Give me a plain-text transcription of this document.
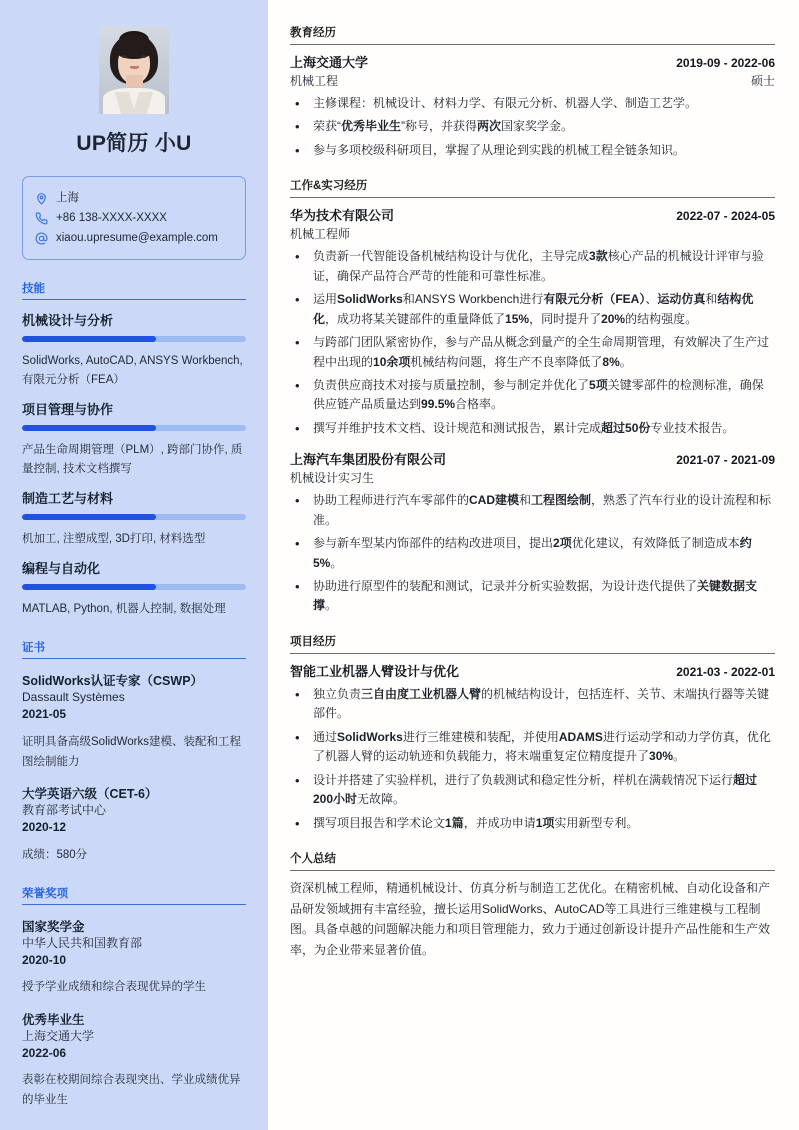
UP简历 小U
上海
+86 138-XXXX-XXXX
xiaou.upresume@example.com
技能
机械设计与分析
SolidWorks, AutoCAD, ANSYS Workbench, 有限元分析（FEA）
项目管理与协作
产品生命周期管理（PLM）, 跨部门协作, 质量控制, 技术文档撰写
制造工艺与材料
机加工, 注塑成型, 3D打印, 材料选型
编程与自动化
MATLAB, Python, 机器人控制, 数据处理
证书
SolidWorks认证专家（CSWP）
Dassault Systèmes
2021-05
证明具备高级SolidWorks建模、装配和工程图绘制能力
大学英语六级（CET-6）
教育部考试中心
2020-12
成绩：580分
荣誉奖项
国家奖学金
中华人民共和国教育部
2020-10
授予学业成绩和综合表现优异的学生
优秀毕业生
上海交通大学
2022-06
表彰在校期间综合表现突出、学业成绩优异的毕业生
教育经历
上海交通大学	2019-09 - 2022-06
机械工程	硕士
• 主修课程：机械设计、材料力学、有限元分析、机器人学、制造工艺学。
• 荣获“优秀毕业生”称号，并获得两次国家奖学金。
• 参与多项校级科研项目，掌握了从理论到实践的机械工程全链条知识。
工作&实习经历
华为技术有限公司	2022-07 - 2024-05
机械工程师
• 负责新一代智能设备机械结构设计与优化，主导完成3款核心产品的机械设计评审与验证，确保产品符合严苛的性能和可靠性标准。
• 运用SolidWorks和ANSYS Workbench进行有限元分析（FEA）、运动仿真和结构优化，成功将某关键部件的重量降低了15%，同时提升了20%的结构强度。
• 与跨部门团队紧密协作，参与产品从概念到量产的全生命周期管理，有效解决了生产过程中出现的10余项机械结构问题，将生产不良率降低了8%。
• 负责供应商技术对接与质量控制，参与制定并优化了5项关键零部件的检测标准，确保供应链产品质量达到99.5%合格率。
• 撰写并维护技术文档、设计规范和测试报告，累计完成超过50份专业技术报告。
上海汽车集团股份有限公司	2021-07 - 2021-09
机械设计实习生
• 协助工程师进行汽车零部件的CAD建模和工程图绘制，熟悉了汽车行业的设计流程和标准。
• 参与新车型某内饰部件的结构改进项目，提出2项优化建议，有效降低了制造成本约5%。
• 协助进行原型件的装配和测试，记录并分析实验数据，为设计迭代提供了关键数据支撑。
项目经历
智能工业机器人臂设计与优化	2021-03 - 2022-01
• 独立负责三自由度工业机器人臂的机械结构设计，包括连杆、关节、末端执行器等关键部件。
• 通过SolidWorks进行三维建模和装配，并使用ADAMS进行运动学和动力学仿真，优化了机器人臂的运动轨迹和负载能力，将末端重复定位精度提升了30%。
• 设计并搭建了实验样机，进行了负载测试和稳定性分析，样机在满载情况下运行超过200小时无故障。
• 撰写项目报告和学术论文1篇，并成功申请1项实用新型专利。
个人总结

资深机械工程师，精通机械设计、仿真分析与制造工艺优化。在精密机械、自动化设备和产品研发领域拥有丰富经验，擅长运用SolidWorks、AutoCAD等工具进行三维建模与工程制图。具备卓越的问题解决能力和项目管理能力，致力于通过创新设计提升产品性能和生产效率，为企业带来显著价值。
